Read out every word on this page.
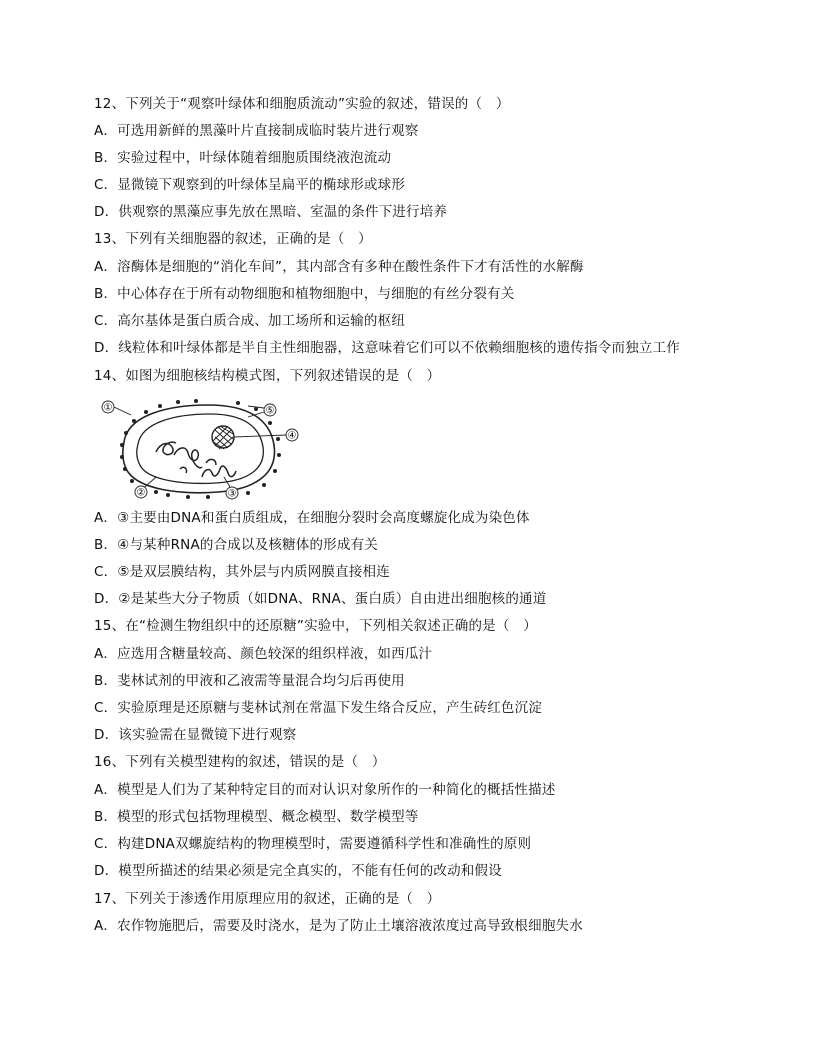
12、下列关于“观察叶绿体和细胞质流动”实验的叙述，错误的（　）
A．可选用新鲜的黑藻叶片直接制成临时装片进行观察
B．实验过程中，叶绿体随着细胞质围绕液泡流动
C．显微镜下观察到的叶绿体呈扁平的椭球形或球形
D．供观察的黑藻应事先放在黑暗、室温的条件下进行培养
13、下列有关细胞器的叙述，正确的是（　）
A．溶酶体是细胞的“消化车间”，其内部含有多种在酸性条件下才有活性的水解酶
B．中心体存在于所有动物细胞和植物细胞中，与细胞的有丝分裂有关
C．高尔基体是蛋白质合成、加工场所和运输的枢纽
D．线粒体和叶绿体都是半自主性细胞器，这意味着它们可以不依赖细胞核的遗传指令而独立工作
14、如图为细胞核结构模式图，下列叙述错误的是（　）
①
②	③
④
⑤
A．③主要由DNA和蛋白质组成，在细胞分裂时会高度螺旋化成为染色体
B．④与某种RNA的合成以及核糖体的形成有关
C．⑤是双层膜结构，其外层与内质网膜直接相连
D．②是某些大分子物质（如DNA、RNA、蛋白质）自由进出细胞核的通道
15、在“检测生物组织中的还原糖”实验中，下列相关叙述正确的是（　）
A．应选用含糖量较高、颜色较深的组织样液，如西瓜汁
B．斐林试剂的甲液和乙液需等量混合均匀后再使用
C．实验原理是还原糖与斐林试剂在常温下发生络合反应，产生砖红色沉淀
D．该实验需在显微镜下进行观察
16、下列有关模型建构的叙述，错误的是（　）
A．模型是人们为了某种特定目的而对认识对象所作的一种简化的概括性描述
B．模型的形式包括物理模型、概念模型、数学模型等
C．构建DNA双螺旋结构的物理模型时，需要遵循科学性和准确性的原则
D．模型所描述的结果必须是完全真实的，不能有任何的改动和假设
17、下列关于渗透作用原理应用的叙述，正确的是（　）
A．农作物施肥后，需要及时浇水，是为了防止土壤溶液浓度过高导致根细胞失水
